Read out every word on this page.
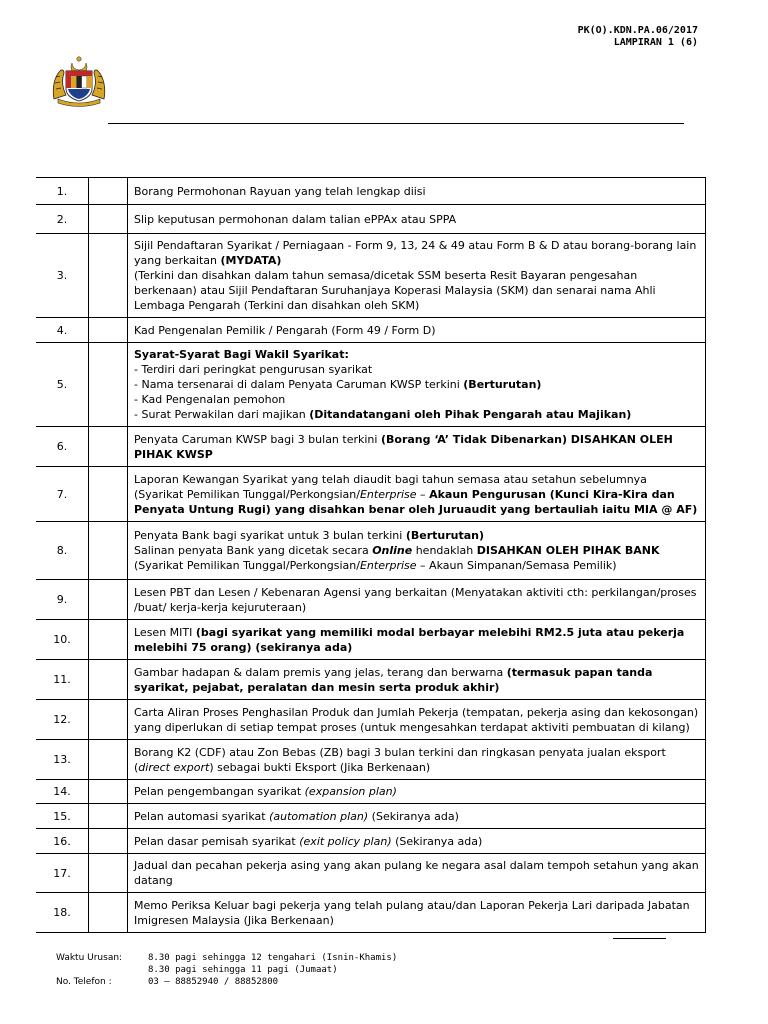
PK(O).KDN.PA.06/2017
LAMPIRAN 1 (6)
1.		Borang Permohonan Rayuan yang telah lengkap diisi
2.		Slip keputusan permohonan dalam talian ePPAx atau SPPA
3.		Sijil Pendaftaran Syarikat / Perniagaan - Form 9, 13, 24 & 49 atau Form B & D atau borang-borang lain yang berkaitan (MYDATA)
(Terkini dan disahkan dalam tahun semasa/dicetak SSM beserta Resit Bayaran pengesahan berkenaan) atau Sijil Pendaftaran Suruhanjaya Koperasi Malaysia (SKM) dan senarai nama Ahli Lembaga Pengarah (Terkini dan disahkan oleh SKM)
4.		Kad Pengenalan Pemilik / Pengarah (Form 49 / Form D)
5.		Syarat-Syarat Bagi Wakil Syarikat:
- Terdiri dari peringkat pengurusan syarikat
- Nama tersenarai di dalam Penyata Caruman KWSP terkini (Berturutan)
- Kad Pengenalan pemohon
- Surat Perwakilan dari majikan (Ditandatangani oleh Pihak Pengarah atau Majikan)
6.		Penyata Caruman KWSP bagi 3 bulan terkini (Borang ‘A’ Tidak Dibenarkan) DISAHKAN OLEH PIHAK KWSP
7.		Laporan Kewangan Syarikat yang telah diaudit bagi tahun semasa atau setahun sebelumnya
(Syarikat Pemilikan Tunggal/Perkongsian/Enterprise – Akaun Pengurusan (Kunci Kira-Kira dan Penyata Untung Rugi) yang disahkan benar oleh Juruaudit yang bertauliah iaitu MIA @ AF)
8.		Penyata Bank bagi syarikat untuk 3 bulan terkini (Berturutan)
Salinan penyata Bank yang dicetak secara Online hendaklah DISAHKAN OLEH PIHAK BANK
(Syarikat Pemilikan Tunggal/Perkongsian/Enterprise – Akaun Simpanan/Semasa Pemilik)
9.		Lesen PBT dan Lesen / Kebenaran Agensi yang berkaitan (Menyatakan aktiviti cth: perkilangan/proses /buat/ kerja-kerja kejuruteraan)
10.		Lesen MITI (bagi syarikat yang memiliki modal berbayar melebihi RM2.5 juta atau pekerja melebihi 75 orang) (sekiranya ada)
11.		Gambar hadapan & dalam premis yang jelas, terang dan berwarna (termasuk papan tanda syarikat, pejabat, peralatan dan mesin serta produk akhir)
12.		Carta Aliran Proses Penghasilan Produk dan Jumlah Pekerja (tempatan, pekerja asing dan kekosongan) yang diperlukan di setiap tempat proses (untuk mengesahkan terdapat aktiviti pembuatan di kilang)
13.		Borang K2 (CDF) atau Zon Bebas (ZB) bagi 3 bulan terkini dan ringkasan penyata jualan eksport (direct export) sebagai bukti Eksport (Jika Berkenaan)
14.		Pelan pengembangan syarikat (expansion plan)
15.		Pelan automasi syarikat (automation plan) (Sekiranya ada)
16.		Pelan dasar pemisah syarikat (exit policy plan) (Sekiranya ada)
17.		Jadual dan pecahan pekerja asing yang akan pulang ke negara asal dalam tempoh setahun yang akan datang
18.		Memo Periksa Keluar bagi pekerja yang telah pulang atau/dan Laporan Pekerja Lari daripada Jabatan Imigresen Malaysia (Jika Berkenaan)
Waktu Urusan:	8.30 pagi sehingga 12 tengahari (Isnin-Khamis)
8.30 pagi sehingga 11 pagi (Jumaat)
No. Telefon :	03 – 88852940 / 88852800
